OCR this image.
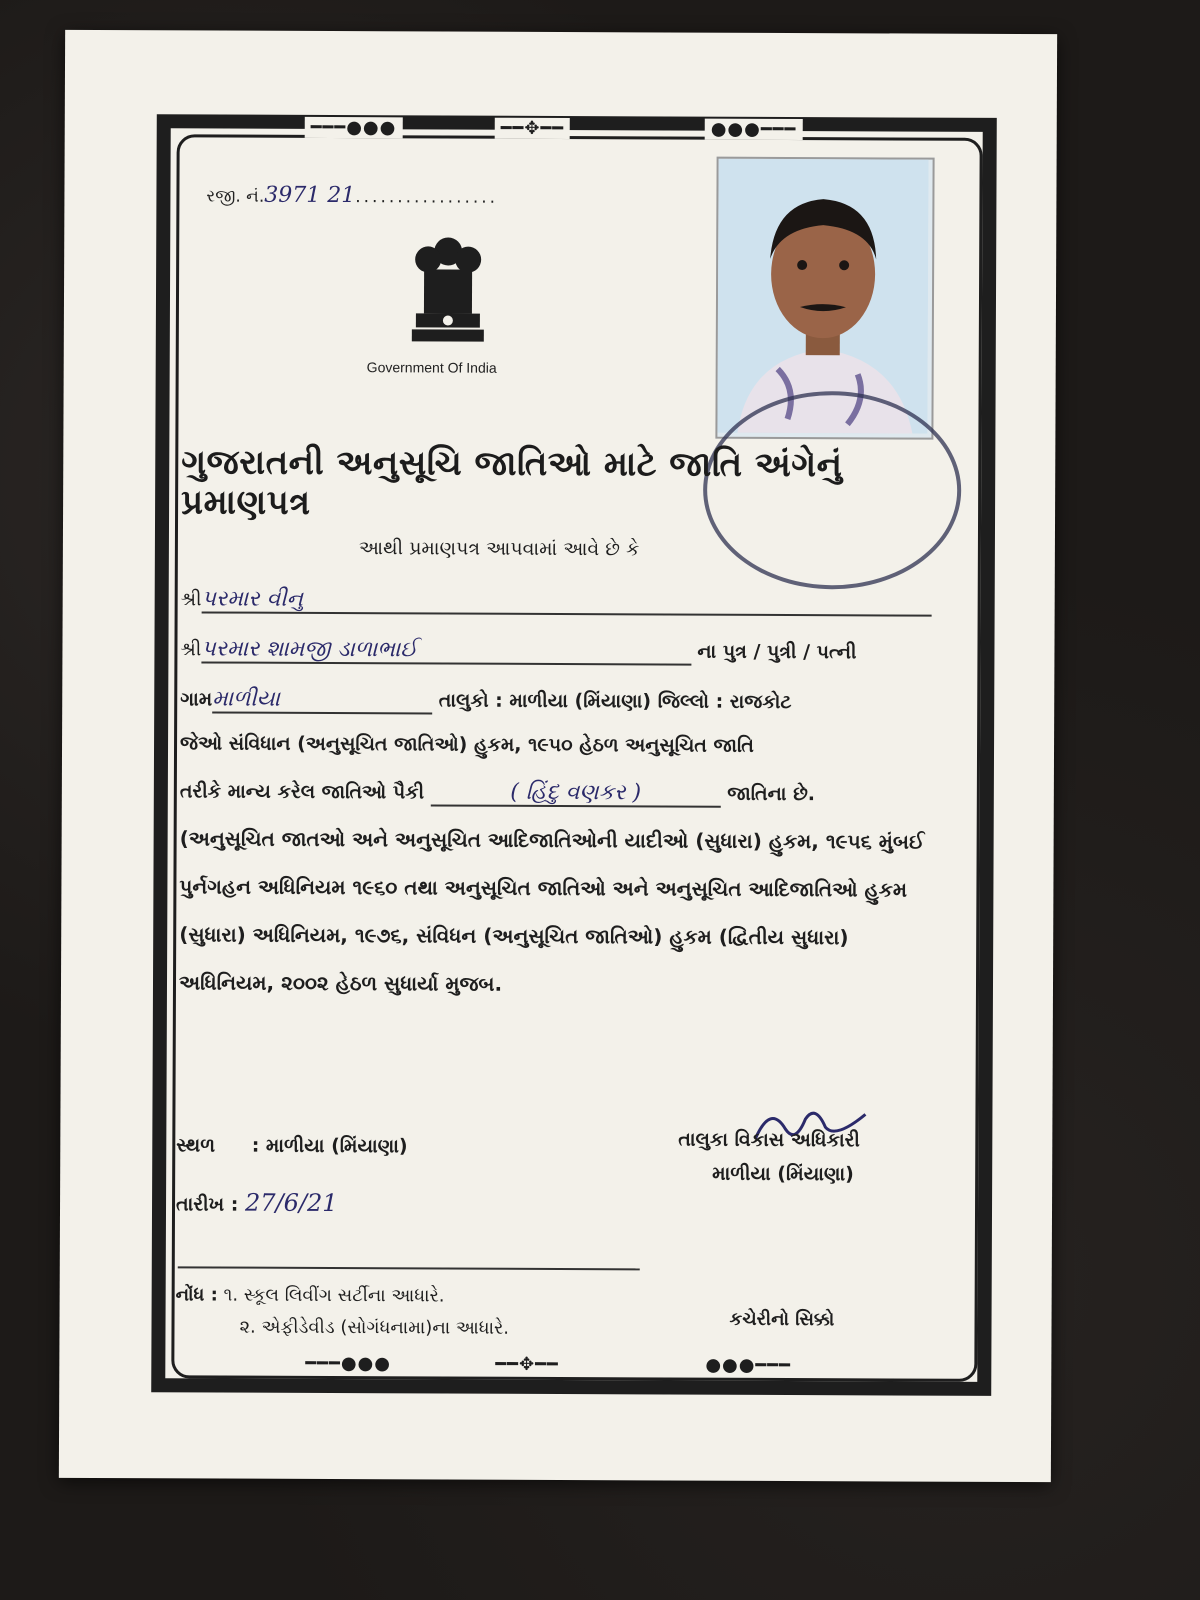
━━━●●●	━━✥━━	●●●━━━
━━━●●●	━━✥━━	●●●━━━
રજી. નં.3971 21.................
Government Of India
ગુજરાતની અનુસૂચિ જાતિઓ માટે જાતિ અંગેનું પ્રમાણપત્ર
આથી પ્રમાણપત્ર આપવામાં આવે છે કે
શ્રીપરમાર વીનુ
શ્રીપરમાર શામજી ડાળાભાઈ	ના પુત્ર / પુત્રી / પત્ની
ગામમાળીયા	તાલુકો : માળીયા (મિંયાણા) જિલ્લો : રાજકોટ
જેઓ સંવિધાન (અનુસૂચિત જાતિઓ) હુકમ, ૧૯૫૦ હેઠળ અનુસૂચિત જાતિ
તરીકે માન્ય કરેલ જાતિઓ પૈકી	( હિંદુ વણકર )	જાતિના છે.
(અનુસૂચિત જાતઓ અને અનુસૂચિત આદિજાતિઓની યાદીઓ (સુધારા) હુકમ, ૧૯૫૬ મુંબઈ પુર્નગહન અધિનિયમ ૧૯૬૦ તથા અનુસૂચિત જાતિઓ અને અનુસૂચિત આદિજાતિઓ હુકમ (સુધારા) અધિનિયમ, ૧૯૭૬, સંવિધન (અનુસૂચિત જાતિઓ) હુકમ (દ્વિતીય સુધારા) અધિનિયમ, ૨૦૦૨ હેઠળ સુધાર્યા મુજબ.
સ્થળ : માળીયા (મિંયાણા)
તારીખ : 27/6/21
તાલુકા વિકાસ અધિકારી
માળીયા (મિંયાણા)
નોંધ : ૧. સ્કૂલ લિવીંગ સર્ટીના આધારે.
૨. એફીડેવીડ (સોગંધનામા)ના આધારે.	કચેરીનો સિક્કો
